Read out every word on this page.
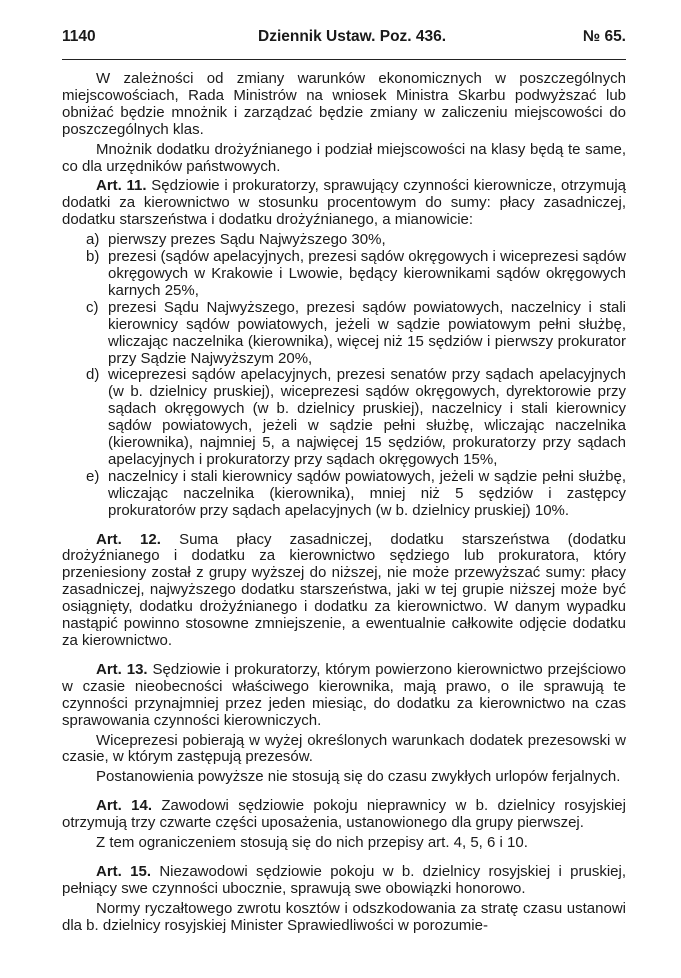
1140	Dziennik Ustaw. Poz. 436.	№ 65.

W zależności od zmiany warunków ekonomicznych w poszczególnych miejscowościach, Rada Ministrów na wniosek Ministra Skarbu podwyższać lub obniżać będzie mnożnik i zarządzać będzie zmiany w zaliczeniu miejscowości do poszczególnych klas.

Mnożnik dodatku drożyźnianego i podział miejscowości na klasy będą te same, co dla urzędników państwowych.

Art. 11. Sędziowie i prokuratorzy, sprawujący czynności kierownicze, otrzymują dodatki za kierownictwo w stosunku procentowym do sumy: płacy zasadniczej, dodatku starszeństwa i dodatku drożyźnianego, a mianowicie:

a) pierwszy prezes Sądu Najwyższego 30%,
b) prezesi (sądów apelacyjnych, prezesi sądów okręgowych i wiceprezesi sądów okręgowych w Krakowie i Lwowie, będący kierownikami sądów okręgowych karnych 25%,
c) prezesi Sądu Najwyższego, prezesi sądów powiatowych, naczelnicy i stali kierownicy sądów powiatowych, jeżeli w sądzie powiatowym pełni służbę, wliczając naczelnika (kierownika), więcej niż 15 sędziów i pierwszy prokurator przy Sądzie Najwyższym 20%,
d) wiceprezesi sądów apelacyjnych, prezesi senatów przy sądach apelacyjnych (w b. dzielnicy pruskiej), wiceprezesi sądów okręgowych, dyrektorowie przy sądach okręgowych (w b. dzielnicy pruskiej), naczelnicy i stali kierownicy sądów powiatowych, jeżeli w sądzie pełni służbę, wliczając naczelnika (kierownika), najmniej 5, a najwięcej 15 sędziów, prokuratorzy przy sądach apelacyjnych i prokuratorzy przy sądach okręgowych 15%,
e) naczelnicy i stali kierownicy sądów powiatowych, jeżeli w sądzie pełni służbę, wliczając naczelnika (kierownika), mniej niż 5 sędziów i zastępcy prokuratorów przy sądach apelacyjnych (w b. dzielnicy pruskiej) 10%.

Art. 12. Suma płacy zasadniczej, dodatku starszeństwa (dodatku drożyźnianego i dodatku za kierownictwo sędziego lub prokuratora, który przeniesiony został z grupy wyższej do niższej, nie może przewyższać sumy: płacy zasadniczej, najwyższego dodatku starszeństwa, jaki w tej grupie niższej może być osiągnięty, dodatku drożyźnianego i dodatku za kierownictwo. W danym wypadku nastąpić powinno stosowne zmniejszenie, a ewentualnie całkowite odjęcie dodatku za kierownictwo.

Art. 13. Sędziowie i prokuratorzy, którym powierzono kierownictwo przejściowo w czasie nieobecności właściwego kierownika, mają prawo, o ile sprawują te czynności przynajmniej przez jeden miesiąc, do dodatku za kierownictwo na czas sprawowania czynności kierowniczych.

Wiceprezesi pobierają w wyżej określonych warunkach dodatek prezesowski w czasie, w którym zastępują prezesów.

Postanowienia powyższe nie stosują się do czasu zwykłych urlopów ferjalnych.

Art. 14. Zawodowi sędziowie pokoju nieprawnicy w b. dzielnicy rosyjskiej otrzymują trzy czwarte części uposażenia, ustanowionego dla grupy pierwszej.

Z tem ograniczeniem stosują się do nich przepisy art. 4, 5, 6 i 10.

Art. 15. Niezawodowi sędziowie pokoju w b. dzielnicy rosyjskiej i pruskiej, pełniący swe czynności ubocznie, sprawują swe obowiązki honorowo.

Normy ryczałtowego zwrotu kosztów i odszkodowania za stratę czasu ustanowi dla b. dzielnicy rosyjskiej Minister Sprawiedliwości w porozumie-
